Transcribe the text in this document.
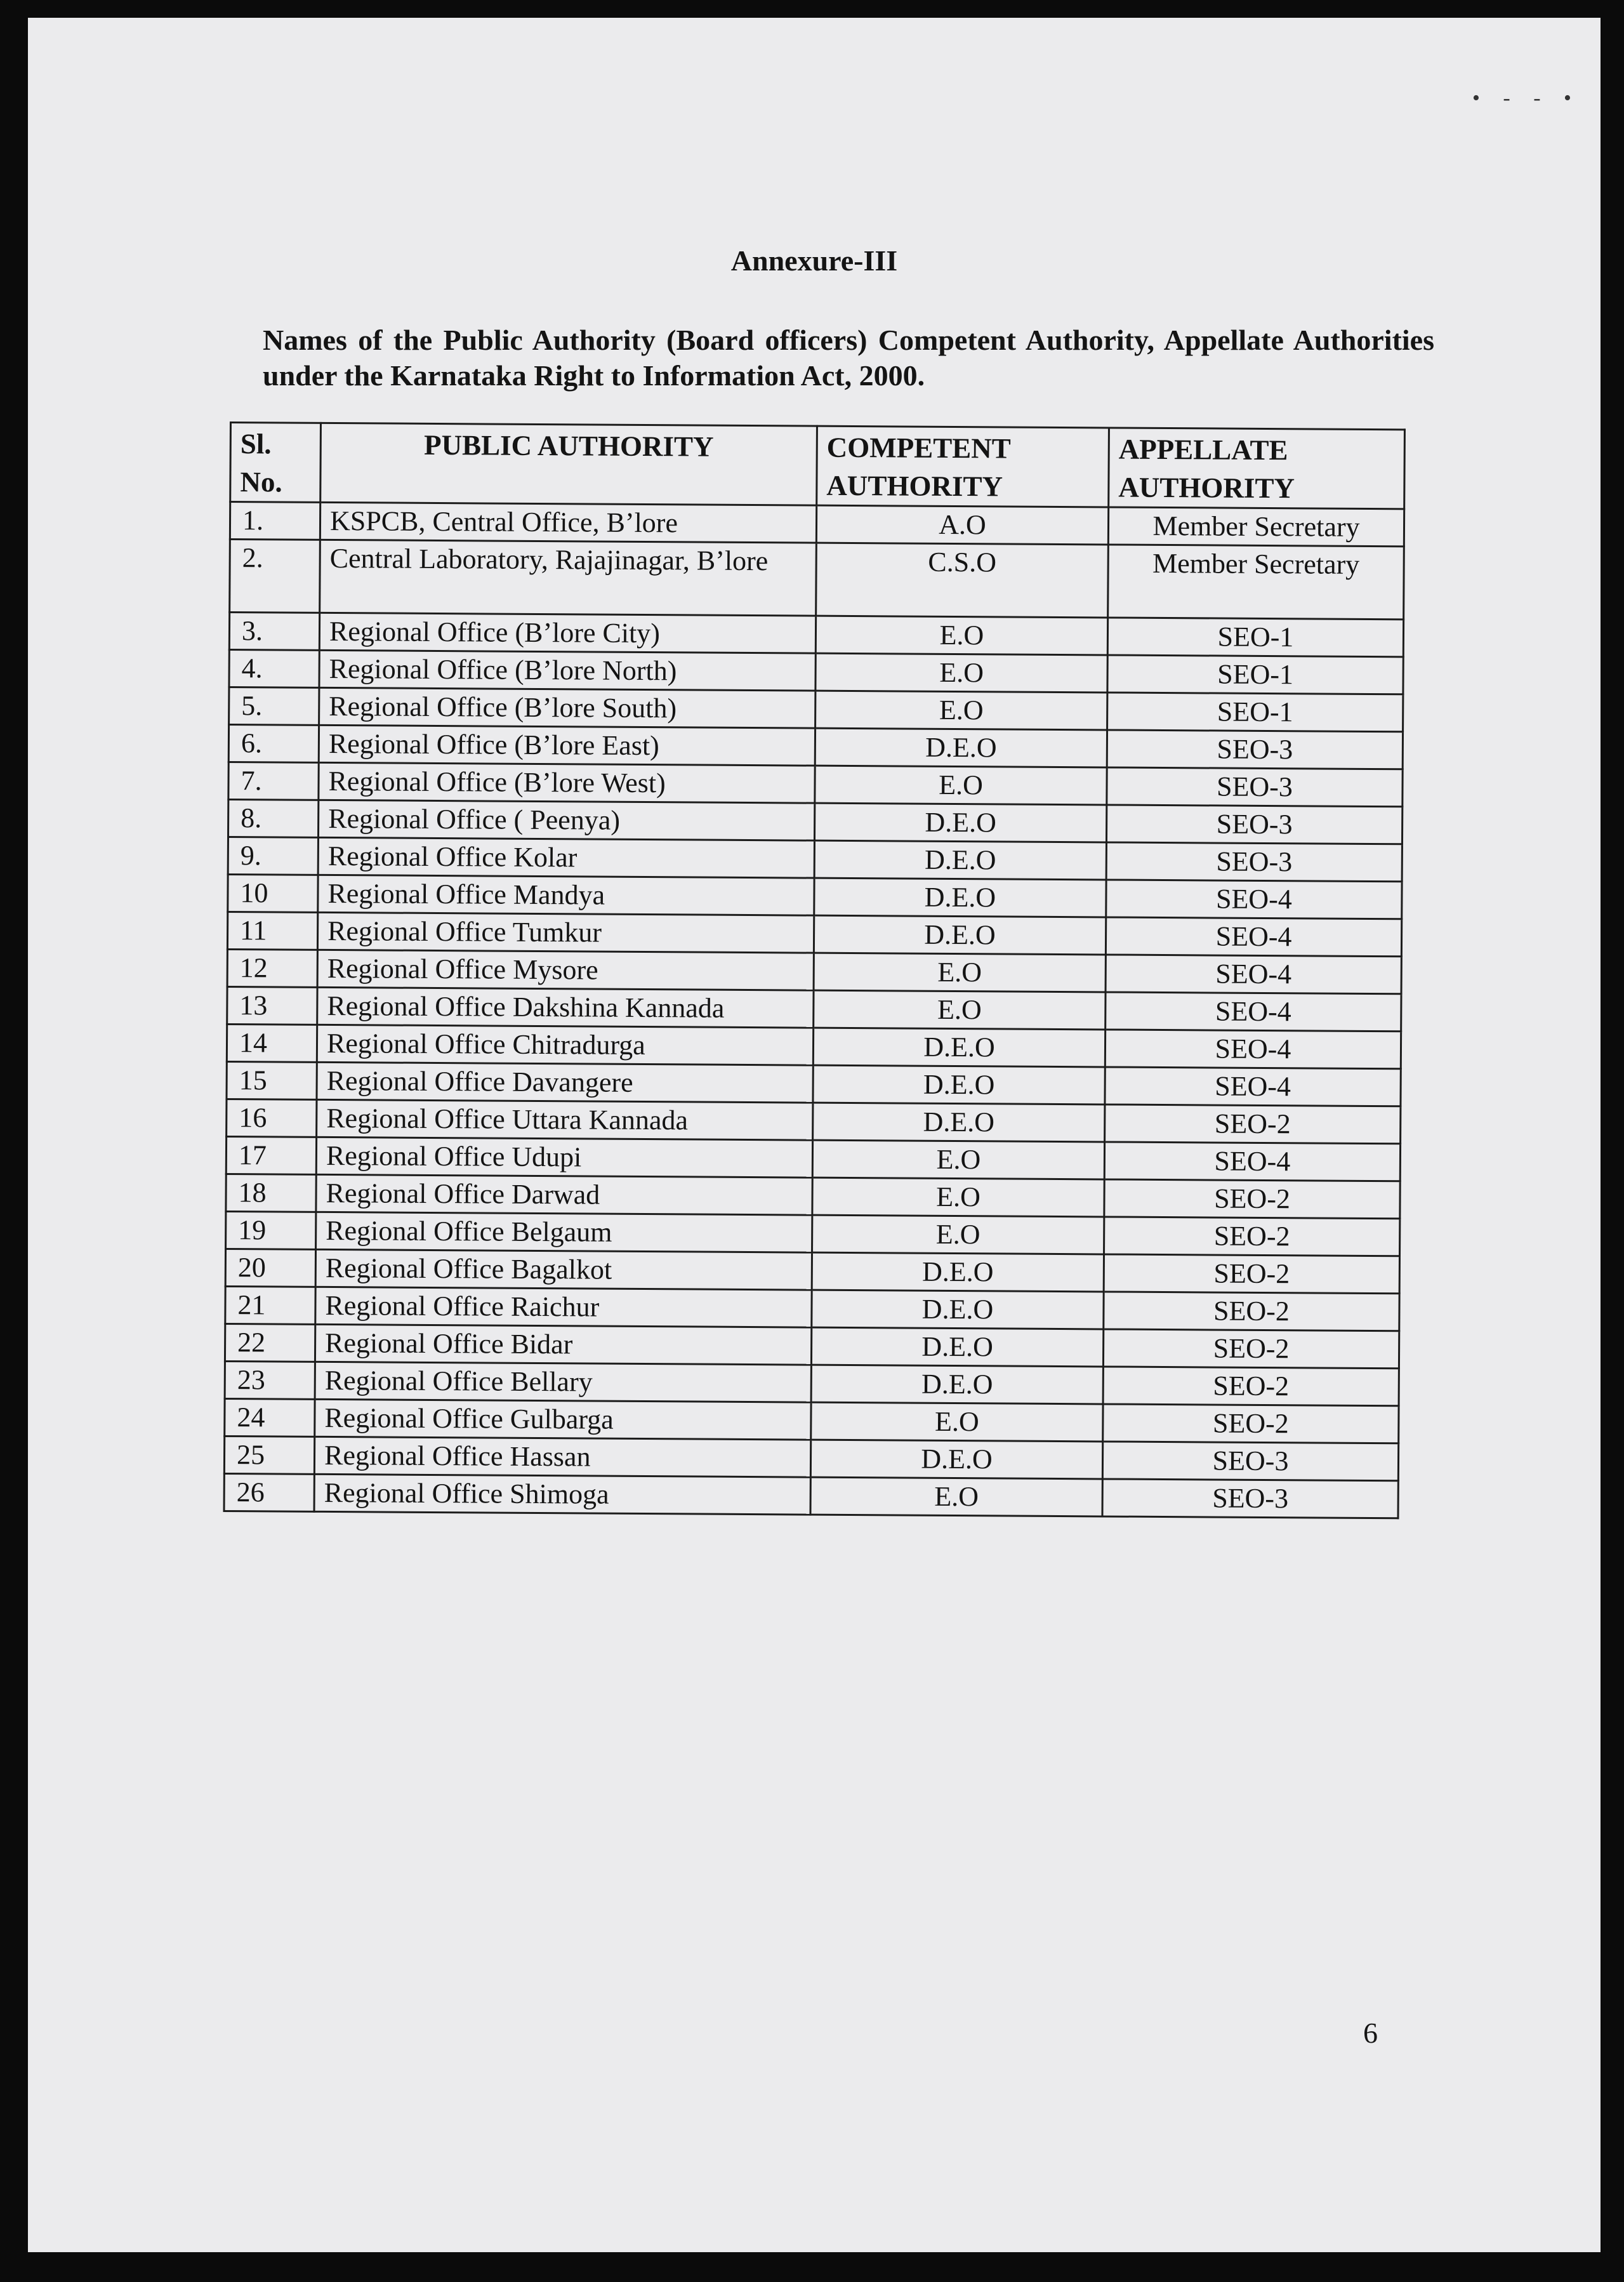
• - - •
Annexure-III
Names of the Public Authority (Board officers) Competent Authority, Appellate Authorities under the Karnataka Right to Information Act, 2000.
Sl. No.	PUBLIC AUTHORITY	COMPETENT AUTHORITY	APPELLATE AUTHORITY
1.	KSPCB, Central Office, B’lore	A.O	Member Secretary
2.	Central Laboratory, Rajajinagar, B’lore	C.S.O	Member Secretary
3.	Regional Office (B’lore City)	E.O	SEO-1
4.	Regional Office (B’lore North)	E.O	SEO-1
5.	Regional Office (B’lore South)	E.O	SEO-1
6.	Regional Office (B’lore East)	D.E.O	SEO-3
7.	Regional Office (B’lore West)	E.O	SEO-3
8.	Regional Office ( Peenya)	D.E.O	SEO-3
9.	Regional Office Kolar	D.E.O	SEO-3
10	Regional Office Mandya	D.E.O	SEO-4
11	Regional Office Tumkur	D.E.O	SEO-4
12	Regional Office Mysore	E.O	SEO-4
13	Regional Office Dakshina Kannada	E.O	SEO-4
14	Regional Office Chitradurga	D.E.O	SEO-4
15	Regional Office Davangere	D.E.O	SEO-4
16	Regional Office Uttara Kannada	D.E.O	SEO-2
17	Regional Office Udupi	E.O	SEO-4
18	Regional Office Darwad	E.O	SEO-2
19	Regional Office Belgaum	E.O	SEO-2
20	Regional Office Bagalkot	D.E.O	SEO-2
21	Regional Office Raichur	D.E.O	SEO-2
22	Regional Office Bidar	D.E.O	SEO-2
23	Regional Office Bellary	D.E.O	SEO-2
24	Regional Office Gulbarga	E.O	SEO-2
25	Regional Office Hassan	D.E.O	SEO-3
26	Regional Office Shimoga	E.O	SEO-3
6
